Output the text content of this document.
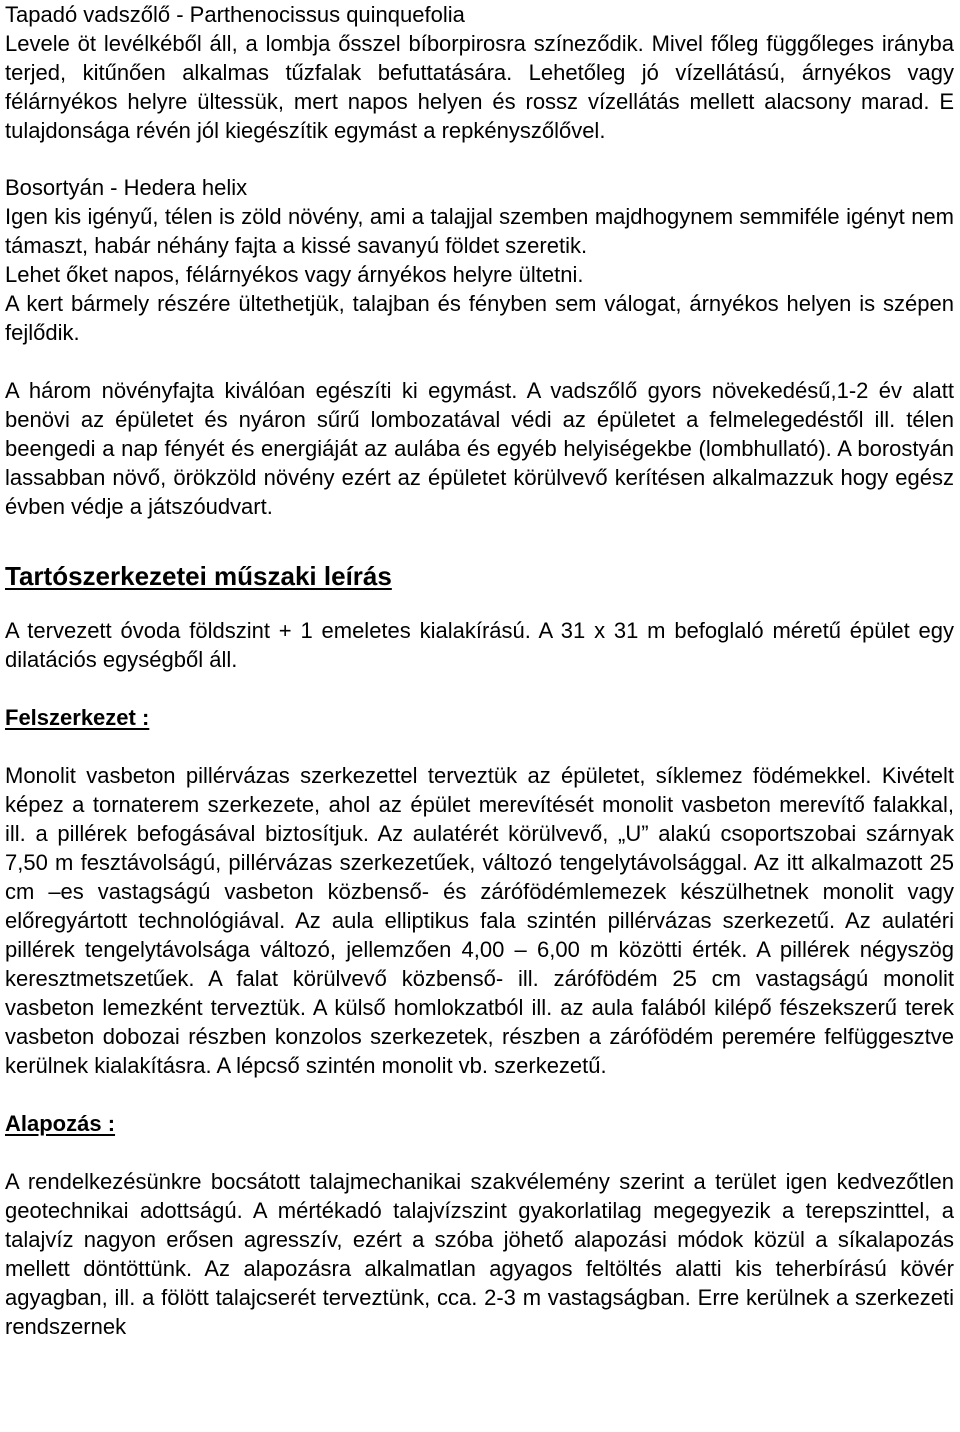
Tapadó vadszőlő - Parthenocissus quinquefolia

Levele öt levélkéből áll, a lombja ősszel bíborpirosra színeződik. Mivel főleg függőleges irányba terjed, kitűnően alkalmas tűzfalak befuttatására. Lehetőleg jó vízellátású, árnyékos vagy félárnyékos helyre ültessük, mert napos helyen és rossz vízellátás mellett alacsony marad. E tulajdonsága révén jól kiegészítik egymást a repkényszőlővel.

Bosortyán - Hedera helix

Igen kis igényű, télen is zöld növény, ami a talajjal szemben majdhogynem semmiféle igényt nem támaszt, habár néhány fajta a kissé savanyú földet szeretik.

Lehet őket napos, félárnyékos vagy árnyékos helyre ültetni.

A kert bármely részére ültethetjük, talajban és fényben sem válogat, árnyékos helyen is szépen fejlődik.

A három növényfajta kiválóan egészíti ki egymást. A vadszőlő gyors növekedésű,1-2 év alatt benövi az épületet és nyáron sűrű lombozatával védi az épületet a felmelegedéstől ill. télen beengedi a nap fényét és energiáját az aulába és egyéb helyiségekbe (lombhullató). A borostyán lassabban növő, örökzöld növény ezért az épületet körülvevő kerítésen alkalmazzuk hogy egész évben védje a játszóudvart.

Tartószerkezetei műszaki leírás

A tervezett óvoda földszint + 1 emeletes kialakírású. A 31 x 31 m befoglaló méretű épület egy dilatációs egységből áll.

Felszerkezet :

Monolit vasbeton pillérvázas szerkezettel terveztük az épületet, síklemez födémekkel. Kivételt képez a tornaterem szerkezete, ahol az épület merevítését monolit vasbeton merevítő falakkal, ill. a pillérek befogásával biztosítjuk. Az aulatérét körülvevő, „U” alakú csoportszobai szárnyak 7,50 m fesztávolságú, pillérvázas szerkezetűek, változó tengelytávolsággal. Az itt alkalmazott 25 cm –es vastagságú vasbeton közbenső- és zárófödémlemezek készülhetnek monolit vagy előregyártott technológiával. Az aula elliptikus fala szintén pillérvázas szerkezetű. Az aulatéri pillérek tengelytávolsága változó, jellemzően 4,00 – 6,00 m közötti érték. A pillérek négyszög keresztmetszetűek. A falat körülvevő közbenső- ill. zárófödém 25 cm vastagságú monolit vasbeton lemezként terveztük. A külső homlokzatból ill. az aula falából kilépő fészekszerű terek vasbeton dobozai részben konzolos szerkezetek, részben a zárófödém peremére felfüggesztve kerülnek kialakításra. A lépcső szintén monolit vb. szerkezetű.

Alapozás :

A rendelkezésünkre bocsátott talajmechanikai szakvélemény szerint a terület igen kedvezőtlen geotechnikai adottságú. A mértékadó talajvízszint gyakorlatilag megegyezik a terepszinttel, a talajvíz nagyon erősen agresszív, ezért a szóba jöhető alapozási módok közül a síkalapozás mellett döntöttünk. Az alapozásra alkalmatlan agyagos feltöltés alatti kis teherbírású kövér agyagban, ill. a fölött talajcserét terveztünk, cca. 2-3 m vastagságban. Erre kerülnek a szerkezeti rendszernek
